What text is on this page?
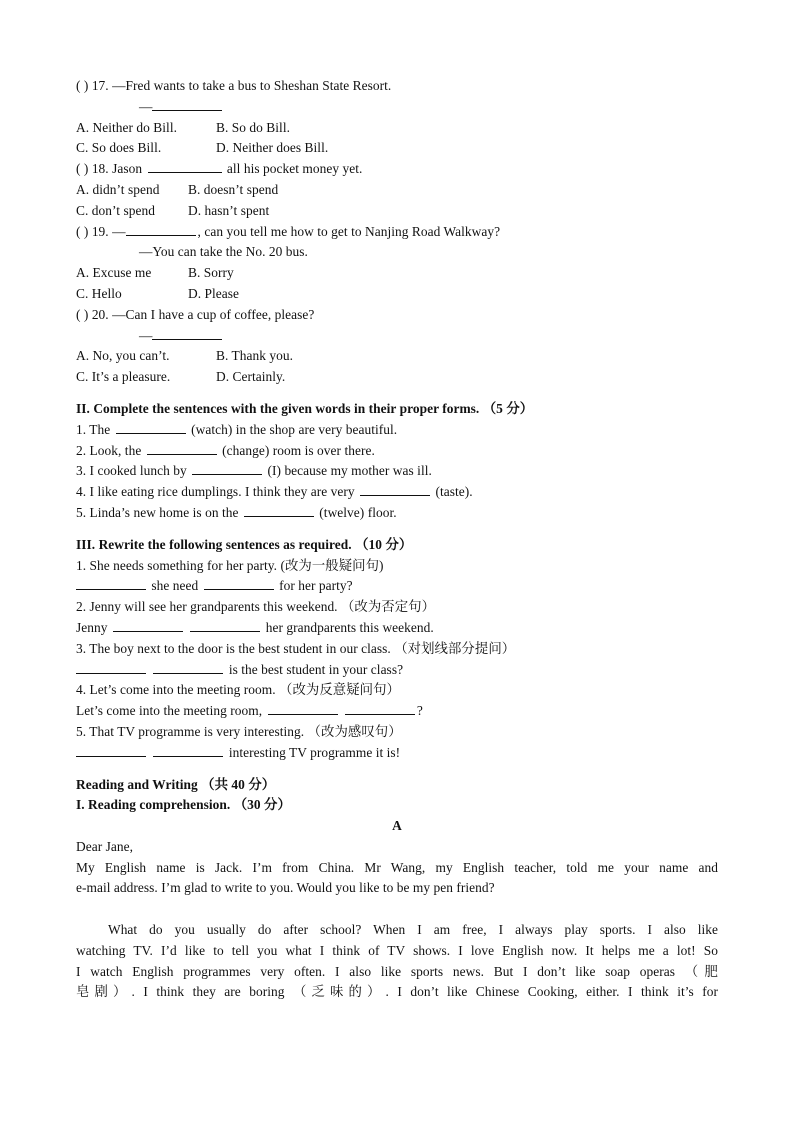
( ) 17. —Fred wants to take a bus to Sheshan State Resort.
—
A. Neither do Bill.	B. So do Bill.
C. So does Bill.	D. Neither does Bill.
( ) 18. Jason	all his pocket money yet.
A. didn’t spend B. doesn’t spend
C. don’t spend D. hasn’t spent
( ) 19. —	, can you tell me how to get to Nanjing Road Walkway?
—You can take the No. 20 bus.
A. Excuse me	B. Sorry
C. Hello	D. Please
( ) 20. —Can I have a cup of coffee, please?
—
A. No, you can’t.	B. Thank you.
C. It’s a pleasure.	D. Certainly.
II. Complete the sentences with the given words in their proper forms. （5 分）
1. The	(watch) in the shop are very beautiful.
2. Look, the	(change) room is over there.
3. I cooked lunch by	(I) because my mother was ill.
4. I like eating rice dumplings. I think they are very	(taste).
5. Linda’s new home is on the	(twelve) floor.
III. Rewrite the following sentences as required. （10 分）
1. She needs something for her party. (改为一般疑问句)
she need	for her party?
2. Jenny will see her grandparents this weekend. （改为否定句）
Jenny	her grandparents this weekend.
3. The boy next to the door is the best student in our class. （对划线部分提问）
is the best student in your class?
4. Let’s come into the meeting room. （改为反意疑问句）
Let’s come into the meeting room,	?
5. That TV programme is very interesting. （改为感叹句）
interesting TV programme it is!
Reading and Writing （共 40 分）
I. Reading comprehension. （30 分）
A
Dear Jane,
My English name is Jack. I’m from China. Mr Wang, my English teacher, told me your name and
e-mail address. I’m glad to write to you. Would you like to be my pen friend?
What do you usually do after school? When I am free, I always play sports. I also like
watching TV. I’d like to tell you what I think of TV shows. I love English now. It helps me a lot! So
I watch English programmes very often. I also like sports news. But I don’t like soap operas （肥
皂剧）. I think they are boring （乏味的）. I don’t like Chinese Cooking, either. I think it’s for
